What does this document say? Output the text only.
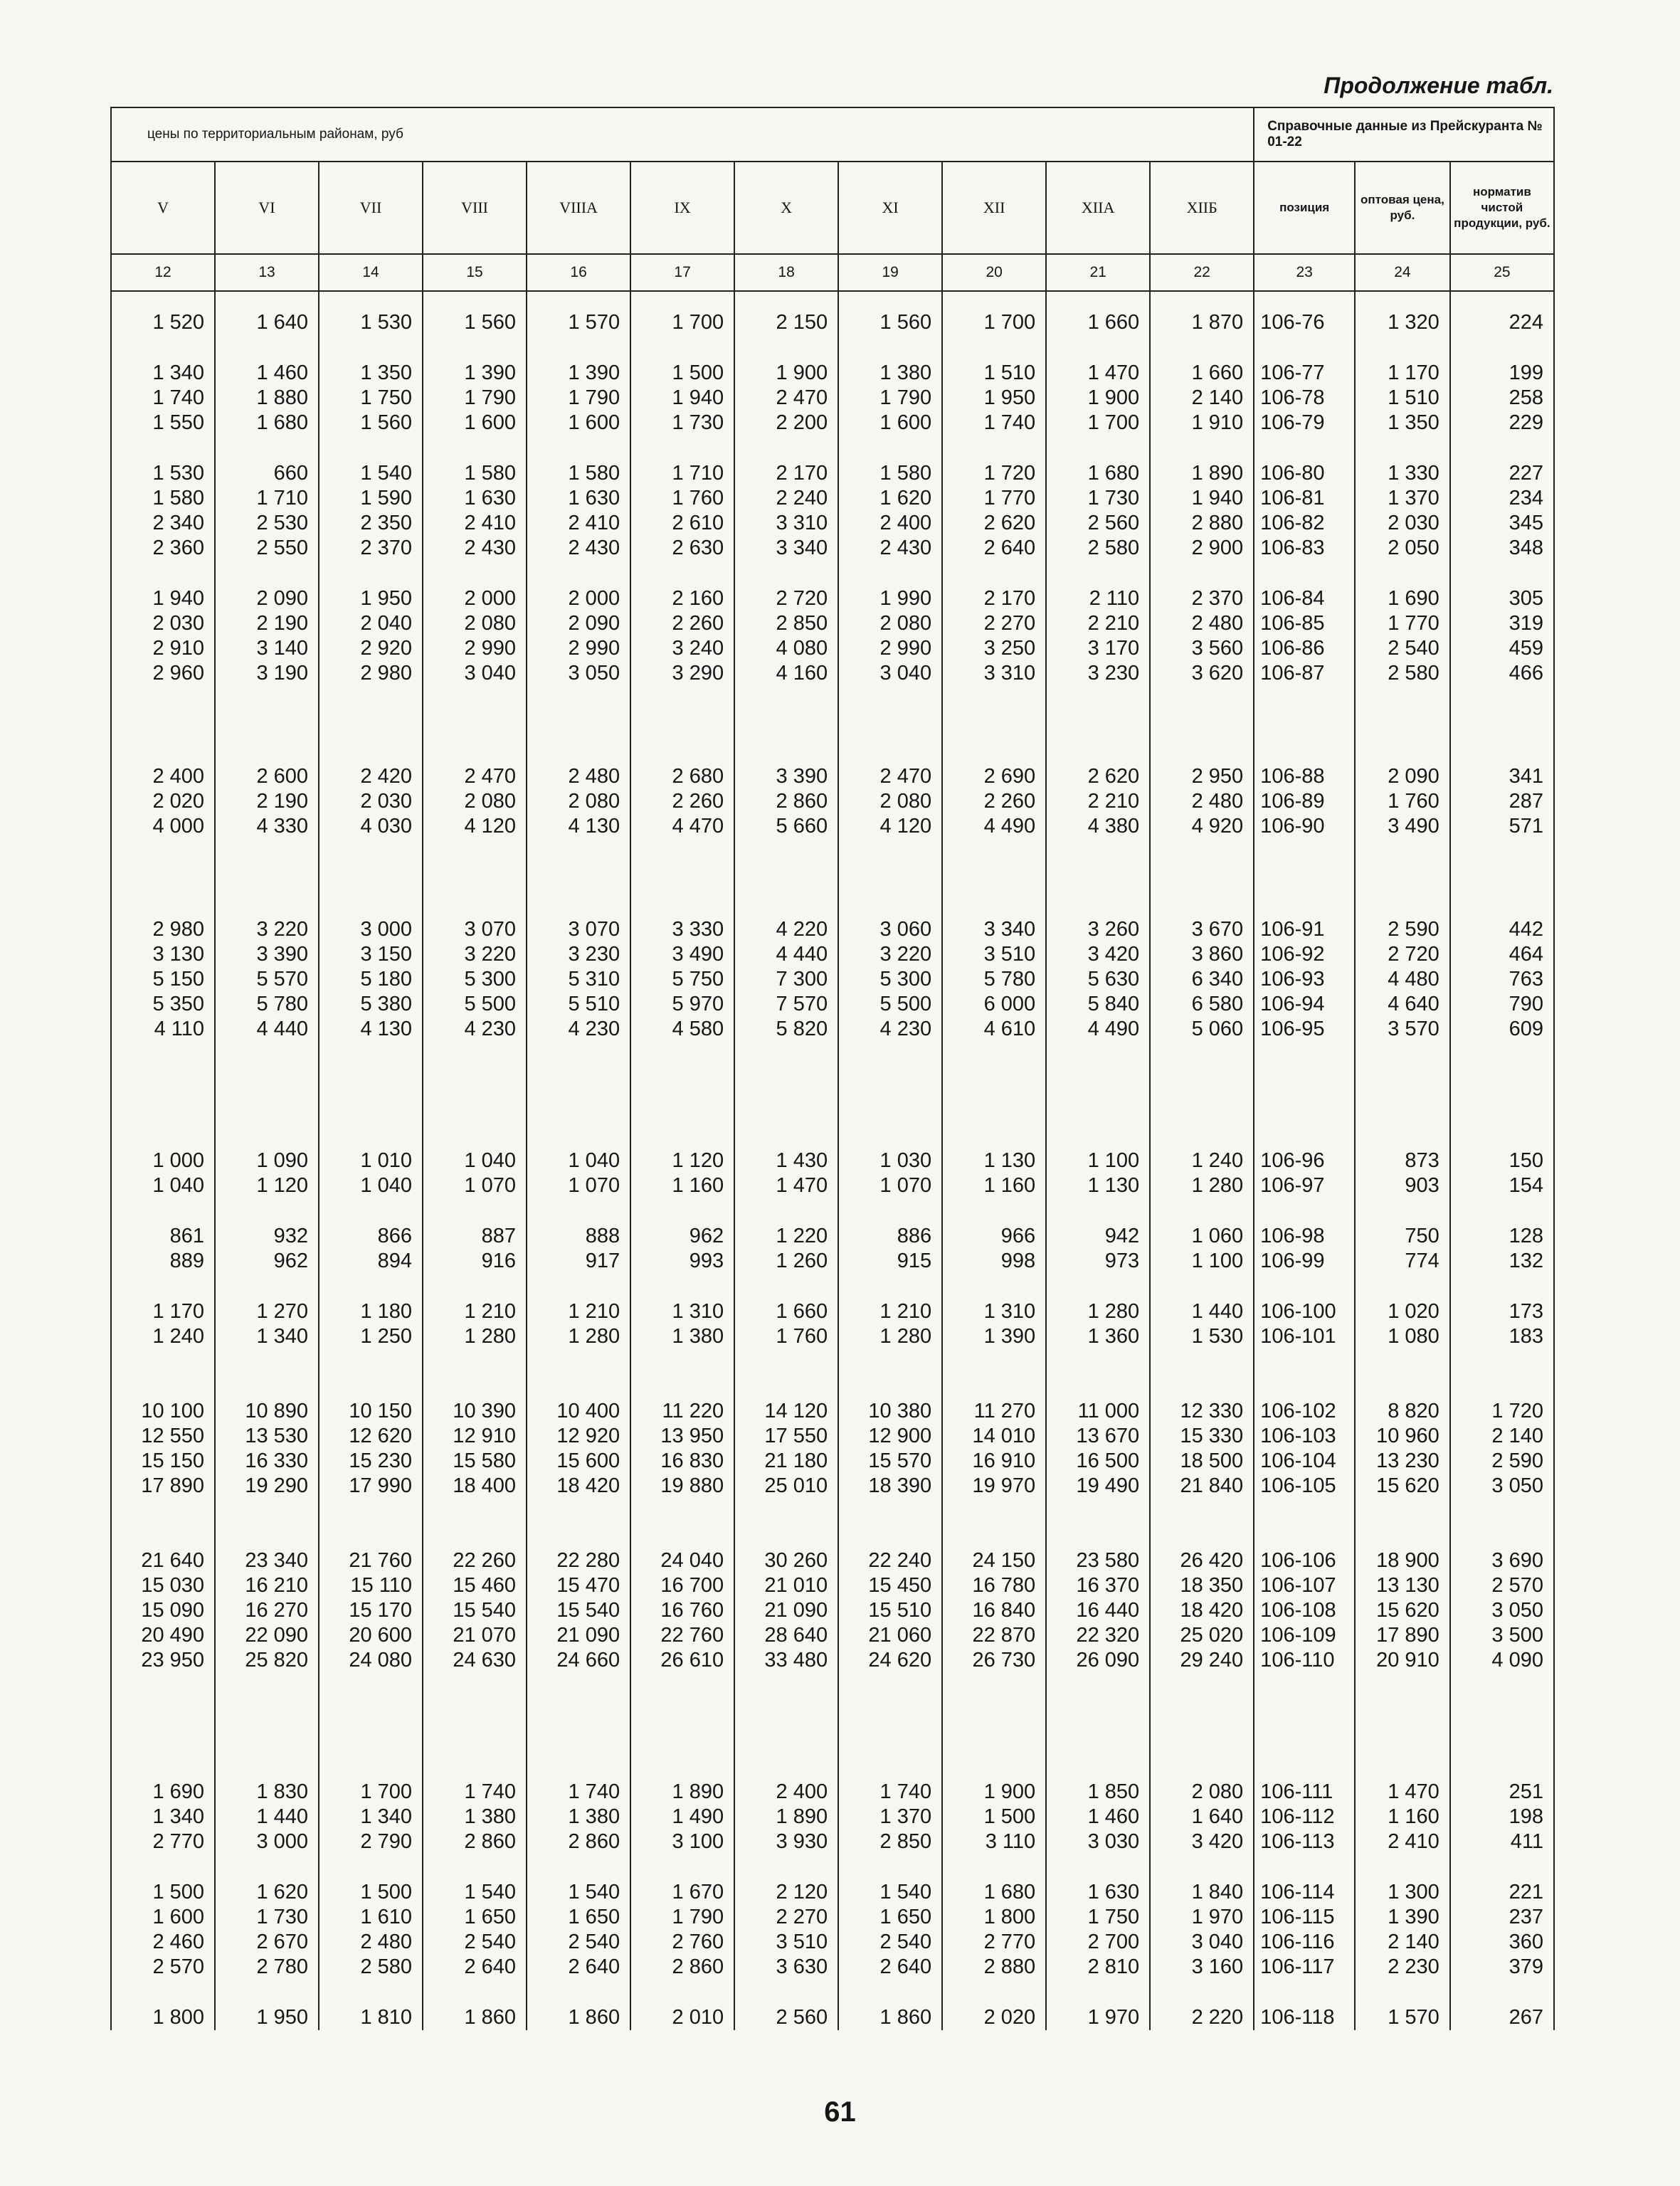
Продолжение табл.
цены по территориальным районам, руб											Справочные данные из Прейскуранта № 01-22		
V	VI	VII	VIII	VIIIA	IX	X	XI	XII	XIIA	XIIБ	позиция	оптовая цена, руб.	норматив чистой продукции, руб.
12	13	14	15	16	17	18	19	20	21	22	23	24	25
1 520	1 640	1 530	1 560	1 570	1 700	2 150	1 560	1 700	1 660	1 870	106-76	1 320	224
1 340	1 460	1 350	1 390	1 390	1 500	1 900	1 380	1 510	1 470	1 660	106-77	1 170	199
1 740	1 880	1 750	1 790	1 790	1 940	2 470	1 790	1 950	1 900	2 140	106-78	1 510	258
1 550	1 680	1 560	1 600	1 600	1 730	2 200	1 600	1 740	1 700	1 910	106-79	1 350	229
1 530	660	1 540	1 580	1 580	1 710	2 170	1 580	1 720	1 680	1 890	106-80	1 330	227
1 580	1 710	1 590	1 630	1 630	1 760	2 240	1 620	1 770	1 730	1 940	106-81	1 370	234
2 340	2 530	2 350	2 410	2 410	2 610	3 310	2 400	2 620	2 560	2 880	106-82	2 030	345
2 360	2 550	2 370	2 430	2 430	2 630	3 340	2 430	2 640	2 580	2 900	106-83	2 050	348
1 940	2 090	1 950	2 000	2 000	2 160	2 720	1 990	2 170	2 110	2 370	106-84	1 690	305
2 030	2 190	2 040	2 080	2 090	2 260	2 850	2 080	2 270	2 210	2 480	106-85	1 770	319
2 910	3 140	2 920	2 990	2 990	3 240	4 080	2 990	3 250	3 170	3 560	106-86	2 540	459
2 960	3 190	2 980	3 040	3 050	3 290	4 160	3 040	3 310	3 230	3 620	106-87	2 580	466
2 400	2 600	2 420	2 470	2 480	2 680	3 390	2 470	2 690	2 620	2 950	106-88	2 090	341
2 020	2 190	2 030	2 080	2 080	2 260	2 860	2 080	2 260	2 210	2 480	106-89	1 760	287
4 000	4 330	4 030	4 120	4 130	4 470	5 660	4 120	4 490	4 380	4 920	106-90	3 490	571
2 980	3 220	3 000	3 070	3 070	3 330	4 220	3 060	3 340	3 260	3 670	106-91	2 590	442
3 130	3 390	3 150	3 220	3 230	3 490	4 440	3 220	3 510	3 420	3 860	106-92	2 720	464
5 150	5 570	5 180	5 300	5 310	5 750	7 300	5 300	5 780	5 630	6 340	106-93	4 480	763
5 350	5 780	5 380	5 500	5 510	5 970	7 570	5 500	6 000	5 840	6 580	106-94	4 640	790
4 110	4 440	4 130	4 230	4 230	4 580	5 820	4 230	4 610	4 490	5 060	106-95	3 570	609
1 000	1 090	1 010	1 040	1 040	1 120	1 430	1 030	1 130	1 100	1 240	106-96	873	150
1 040	1 120	1 040	1 070	1 070	1 160	1 470	1 070	1 160	1 130	1 280	106-97	903	154
861	932	866	887	888	962	1 220	886	966	942	1 060	106-98	750	128
889	962	894	916	917	993	1 260	915	998	973	1 100	106-99	774	132
1 170	1 270	1 180	1 210	1 210	1 310	1 660	1 210	1 310	1 280	1 440	106-100	1 020	173
1 240	1 340	1 250	1 280	1 280	1 380	1 760	1 280	1 390	1 360	1 530	106-101	1 080	183
10 100	10 890	10 150	10 390	10 400	11 220	14 120	10 380	11 270	11 000	12 330	106-102	8 820	1 720
12 550	13 530	12 620	12 910	12 920	13 950	17 550	12 900	14 010	13 670	15 330	106-103	10 960	2 140
15 150	16 330	15 230	15 580	15 600	16 830	21 180	15 570	16 910	16 500	18 500	106-104	13 230	2 590
17 890	19 290	17 990	18 400	18 420	19 880	25 010	18 390	19 970	19 490	21 840	106-105	15 620	3 050
21 640	23 340	21 760	22 260	22 280	24 040	30 260	22 240	24 150	23 580	26 420	106-106	18 900	3 690
15 030	16 210	15 110	15 460	15 470	16 700	21 010	15 450	16 780	16 370	18 350	106-107	13 130	2 570
15 090	16 270	15 170	15 540	15 540	16 760	21 090	15 510	16 840	16 440	18 420	106-108	15 620	3 050
20 490	22 090	20 600	21 070	21 090	22 760	28 640	21 060	22 870	22 320	25 020	106-109	17 890	3 500
23 950	25 820	24 080	24 630	24 660	26 610	33 480	24 620	26 730	26 090	29 240	106-110	20 910	4 090
1 690	1 830	1 700	1 740	1 740	1 890	2 400	1 740	1 900	1 850	2 080	106-111	1 470	251
1 340	1 440	1 340	1 380	1 380	1 490	1 890	1 370	1 500	1 460	1 640	106-112	1 160	198
2 770	3 000	2 790	2 860	2 860	3 100	3 930	2 850	3 110	3 030	3 420	106-113	2 410	411
1 500	1 620	1 500	1 540	1 540	1 670	2 120	1 540	1 680	1 630	1 840	106-114	1 300	221
1 600	1 730	1 610	1 650	1 650	1 790	2 270	1 650	1 800	1 750	1 970	106-115	1 390	237
2 460	2 670	2 480	2 540	2 540	2 760	3 510	2 540	2 770	2 700	3 040	106-116	2 140	360
2 570	2 780	2 580	2 640	2 640	2 860	3 630	2 640	2 880	2 810	3 160	106-117	2 230	379
1 800	1 950	1 810	1 860	1 860	2 010	2 560	1 860	2 020	1 970	2 220	106-118	1 570	267
61
